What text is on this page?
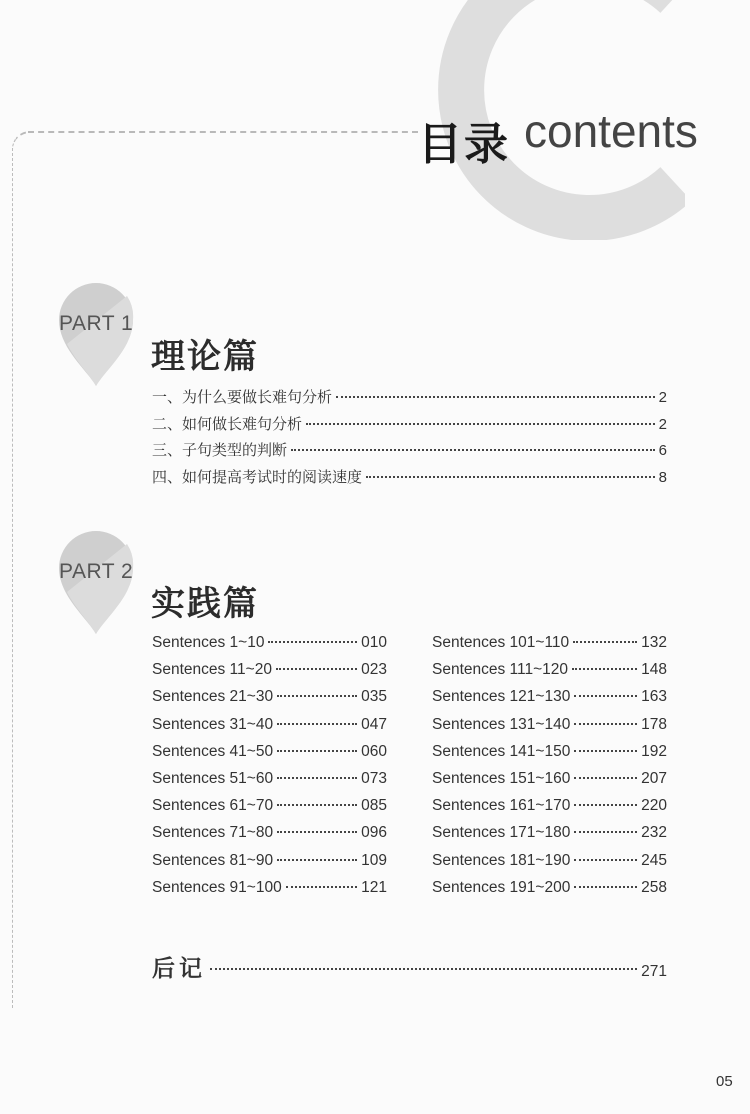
目录 contents
PART 1
理论篇
一、为什么要做长难句分析	2
二、如何做长难句分析	2
三、子句类型的判断	6
四、如何提高考试时的阅读速度	8
PART 2
实践篇
Sentences 1~10	010
Sentences 11~20	023
Sentences 21~30	035
Sentences 31~40	047
Sentences 41~50	060
Sentences 51~60	073
Sentences 61~70	085
Sentences 71~80	096
Sentences 81~90	109
Sentences 91~100	121
Sentences 101~110	132
Sentences 111~120	148
Sentences 121~130	163
Sentences 131~140	178
Sentences 141~150	192
Sentences 151~160	207
Sentences 161~170	220
Sentences 171~180	232
Sentences 181~190	245
Sentences 191~200	258
后记	271
05
